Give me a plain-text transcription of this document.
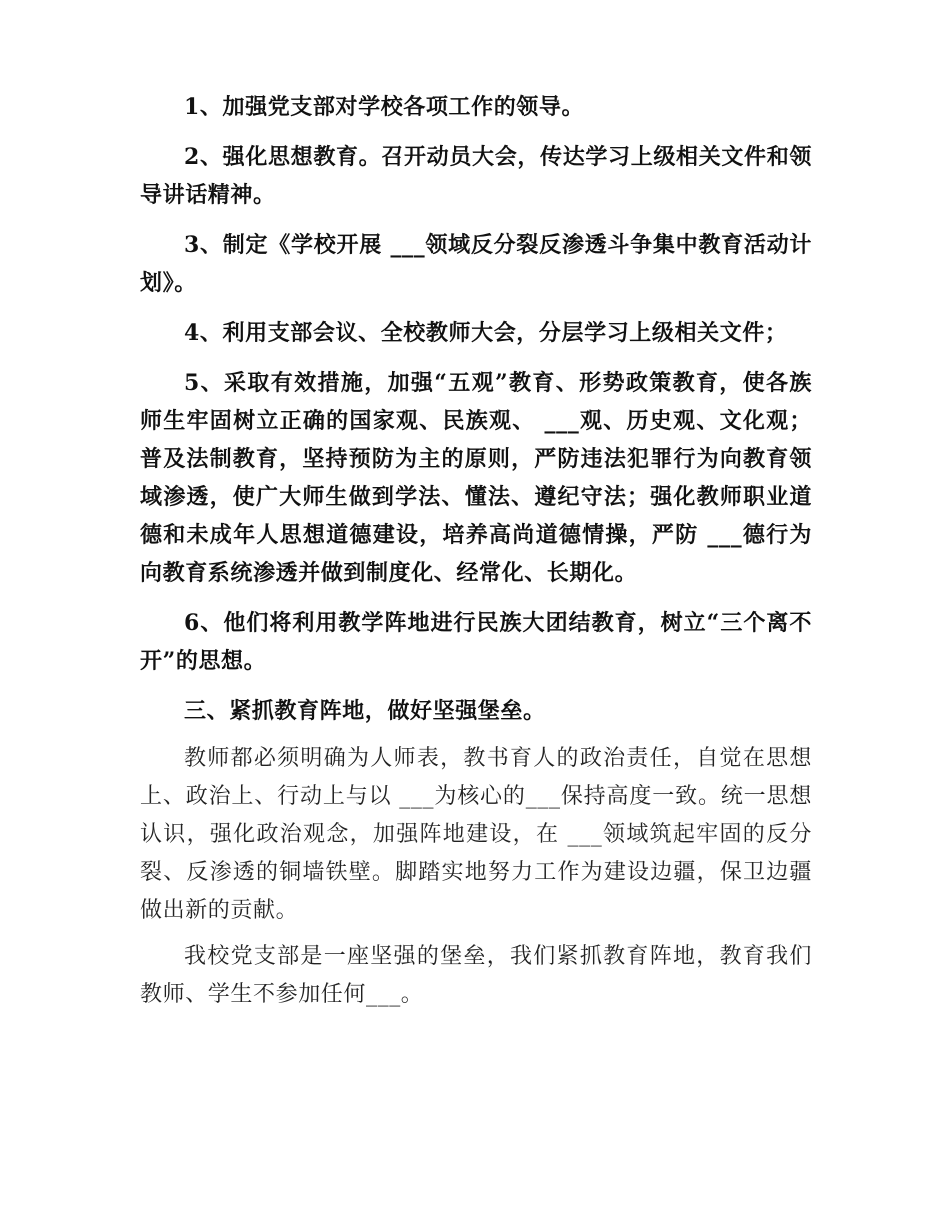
1、加强党支部对学校各项工作的领导。

2、强化思想教育。召开动员大会，传达学习上级相关文件和领导讲话精神。

3、制定《学校开展 ___领域反分裂反渗透斗争集中教育活动计划》。

4、利用支部会议、全校教师大会，分层学习上级相关文件；

5、采取有效措施，加强“五观”教育、形势政策教育，使各族师生牢固树立正确的国家观、民族观、 ___观、历史观、文化观；普及法制教育，坚持预防为主的原则，严防违法犯罪行为向教育领域渗透，使广大师生做到学法、懂法、遵纪守法；强化教师职业道德和未成年人思想道德建设，培养高尚道德情操，严防 ___德行为向教育系统渗透并做到制度化、经常化、长期化。

6、他们将利用教学阵地进行民族大团结教育，树立“三个离不开”的思想。

三、紧抓教育阵地，做好坚强堡垒。

教师都必须明确为人师表，教书育人的政治责任，自觉在思想上、政治上、行动上与以 ___为核心的___保持高度一致。统一思想认识，强化政治观念，加强阵地建设，在 ___领域筑起牢固的反分裂、反渗透的铜墙铁壁。脚踏实地努力工作为建设边疆，保卫边疆做出新的贡献。

我校党支部是一座坚强的堡垒，我们紧抓教育阵地，教育我们教师、学生不参加任何___。
